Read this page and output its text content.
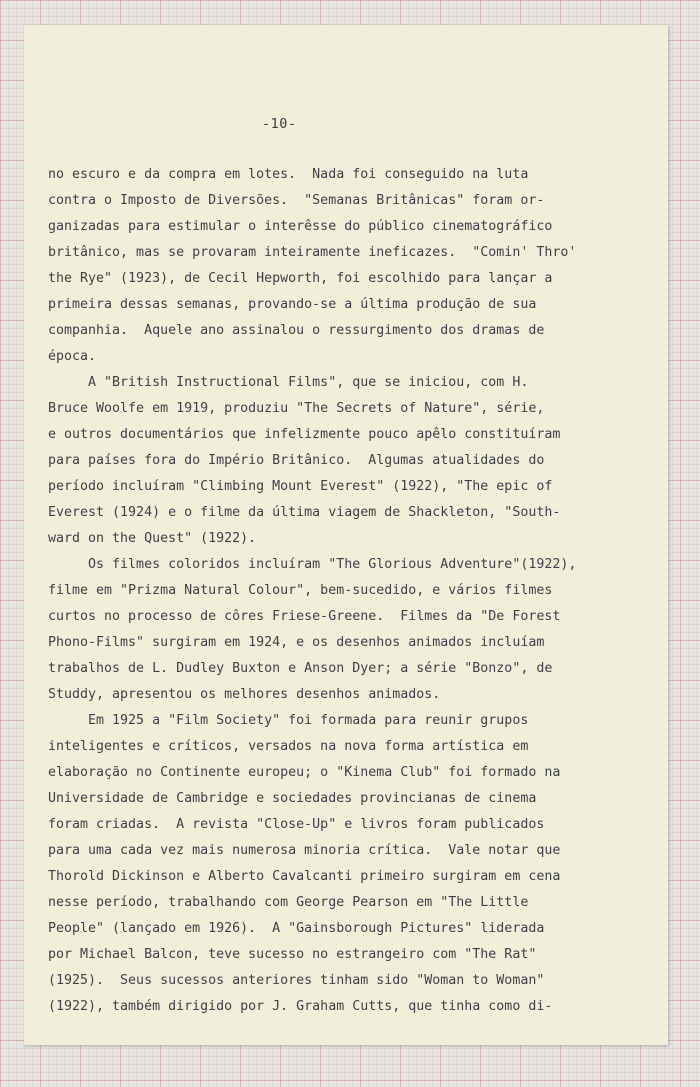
-10-
no escuro e da compra em lotes.  Nada foi conseguido na luta
contra o Imposto de Diversões.  "Semanas Britânicas" foram or-
ganizadas para estimular o interêsse do público cinematográfico
britânico, mas se provaram inteiramente ineficazes.  "Comin' Thro'
the Rye" (1923), de Cecil Hepworth, foi escolhido para lançar a
primeira dessas semanas, provando-se a última produção de sua
companhia.  Aquele ano assinalou o ressurgimento dos dramas de
época.
A "British Instructional Films", que se iniciou, com H.
Bruce Woolfe em 1919, produziu "The Secrets of Nature", série,
e outros documentários que infelizmente pouco apêlo constituíram
para países fora do Império Britânico.  Algumas atualidades do
período incluíram "Climbing Mount Everest" (1922), "The epic of
Everest (1924) e o filme da última viagem de Shackleton, "South-
ward on the Quest" (1922).
Os filmes coloridos incluíram "The Glorious Adventure"(1922),
filme em "Prizma Natural Colour", bem-sucedido, e vários filmes
curtos no processo de côres Friese-Greene.  Filmes da "De Forest
Phono-Films" surgiram em 1924, e os desenhos animados incluíam
trabalhos de L. Dudley Buxton e Anson Dyer; a série "Bonzo", de
Studdy, apresentou os melhores desenhos animados.
Em 1925 a "Film Society" foi formada para reunir grupos
inteligentes e críticos, versados na nova forma artística em
elaboração no Continente europeu; o "Kinema Club" foi formado na
Universidade de Cambridge e sociedades provincianas de cinema
foram criadas.  A revista "Close-Up" e livros foram publicados
para uma cada vez mais numerosa minoria crítica.  Vale notar que
Thorold Dickinson e Alberto Cavalcanti primeiro surgiram em cena
nesse período, trabalhando com George Pearson em "The Little
People" (lançado em 1926).  A "Gainsborough Pictures" liderada
por Michael Balcon, teve sucesso no estrangeiro com "The Rat"
(1925).  Seus sucessos anteriores tinham sido "Woman to Woman"
(1922), também dirigido por J. Graham Cutts, que tinha como di-
